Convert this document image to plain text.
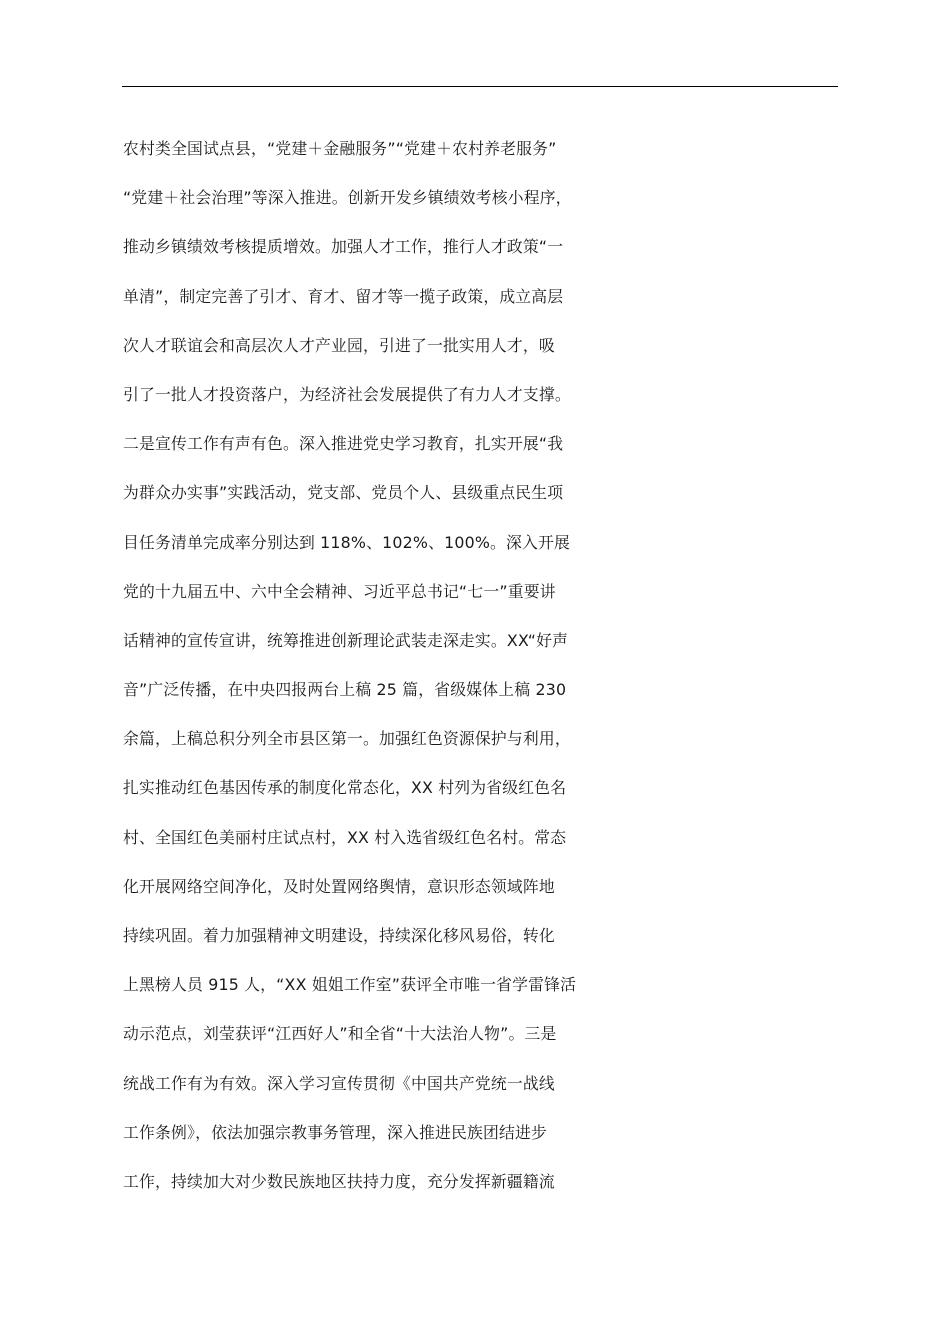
农村类全国试点县，“党建＋金融服务”“党建＋农村养老服务”
“党建＋社会治理”等深入推进。创新开发乡镇绩效考核小程序，
推动乡镇绩效考核提质增效。加强人才工作，推行人才政策“一
单清”，制定完善了引才、育才、留才等一揽子政策，成立高层
次人才联谊会和高层次人才产业园，引进了一批实用人才，吸
引了一批人才投资落户，为经济社会发展提供了有力人才支撑。
二是宣传工作有声有色。深入推进党史学习教育，扎实开展“我
为群众办实事”实践活动，党支部、党员个人、县级重点民生项
目任务清单完成率分别达到 118%、102%、100%。深入开展
党的十九届五中、六中全会精神、习近平总书记“七一”重要讲
话精神的宣传宣讲，统筹推进创新理论武装走深走实。XX“好声
音”广泛传播，在中央四报两台上稿 25 篇，省级媒体上稿 230
余篇，上稿总积分列全市县区第一。加强红色资源保护与利用，
扎实推动红色基因传承的制度化常态化，XX 村列为省级红色名
村、全国红色美丽村庄试点村，XX 村入选省级红色名村。常态
化开展网络空间净化，及时处置网络舆情，意识形态领域阵地
持续巩固。着力加强精神文明建设，持续深化移风易俗，转化
上黑榜人员 915 人，“XX 姐姐工作室”获评全市唯一省学雷锋活
动示范点，刘莹获评“江西好人”和全省“十大法治人物”。三是
统战工作有为有效。深入学习宣传贯彻《中国共产党统一战线
工作条例》，依法加强宗教事务管理，深入推进民族团结进步
工作，持续加大对少数民族地区扶持力度，充分发挥新疆籍流
